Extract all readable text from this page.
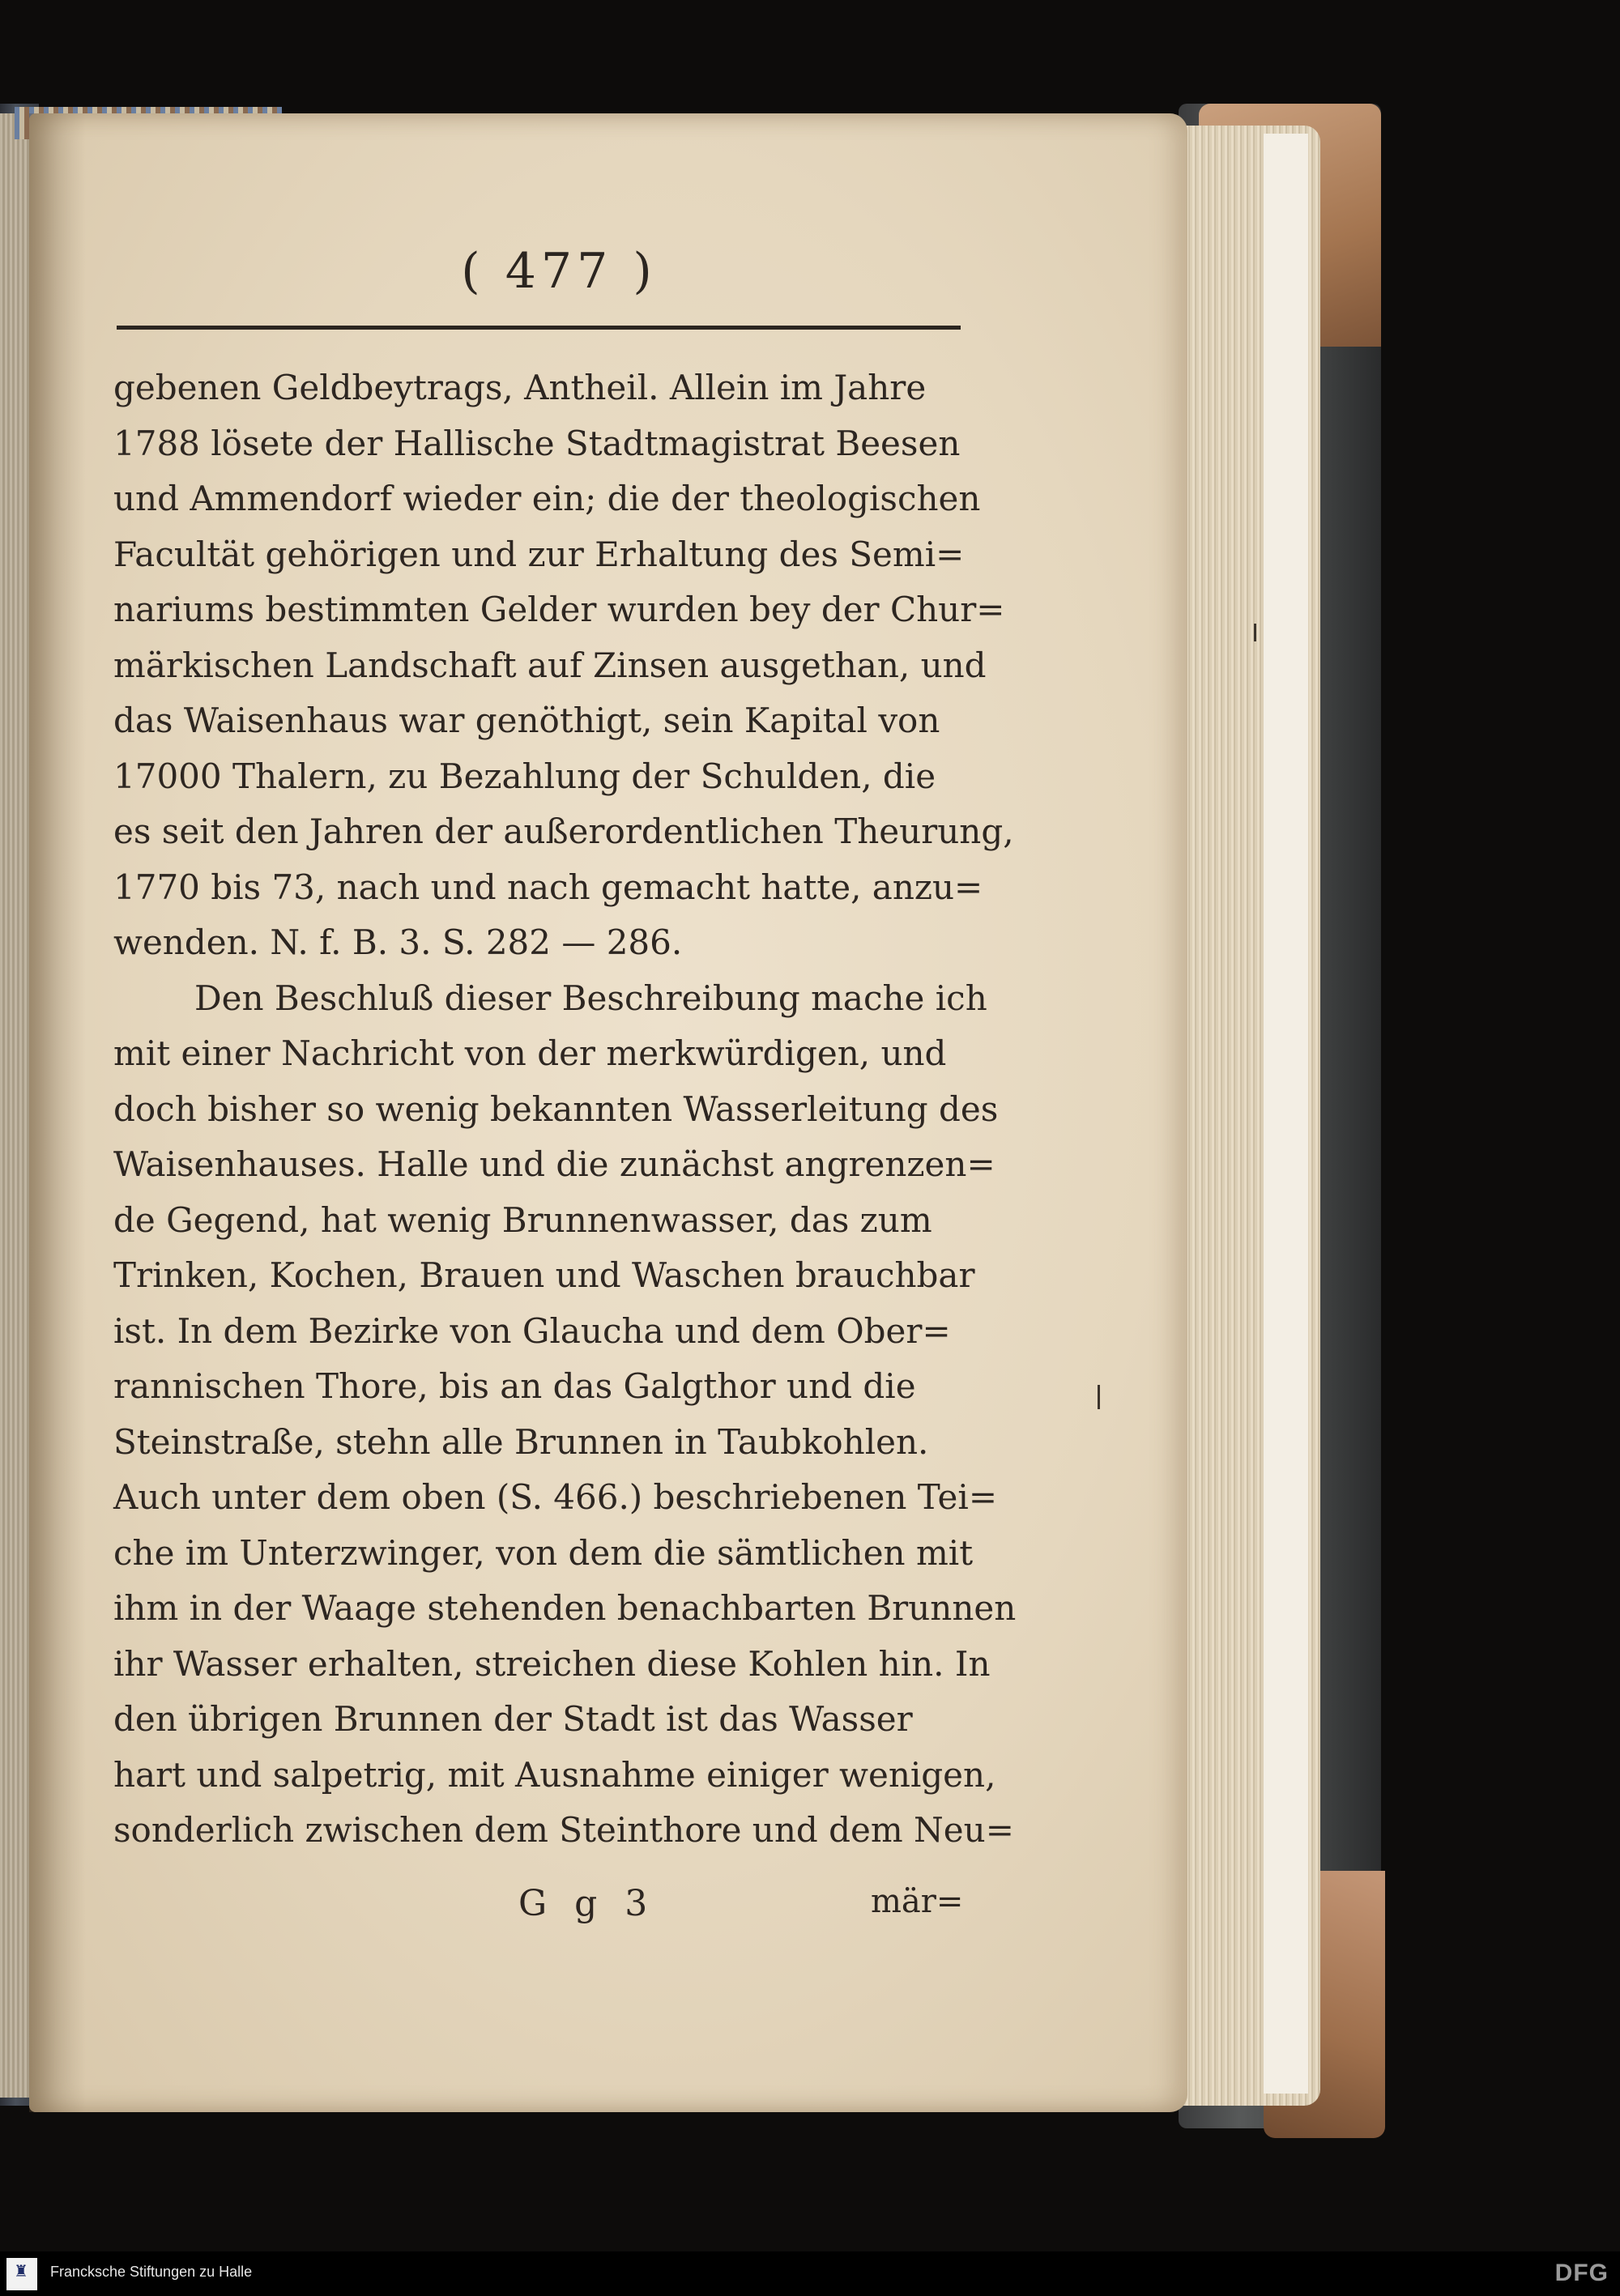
( 477 )
gebenen Geldbeytrags, Antheil. Allein im Jahre
1788 lösete der Hallische Stadtmagistrat Beesen
und Ammendorf wieder ein; die der theologischen
Facultät gehörigen und zur Erhaltung des Semi=
nariums bestimmten Gelder wurden bey der Chur=
märkischen Landschaft auf Zinsen ausgethan, und
das Waisenhaus war genöthigt, sein Kapital von
17000 Thalern, zu Bezahlung der Schulden, die
es seit den Jahren der außerordentlichen Theurung,
1770 bis 73, nach und nach gemacht hatte, anzu=
wenden. N. f. B. 3. S. 282 — 286.
Den Beschluß dieser Beschreibung mache ich
mit einer Nachricht von der merkwürdigen, und
doch bisher so wenig bekannten Wasserleitung des
Waisenhauses. Halle und die zunächst angrenzen=
de Gegend, hat wenig Brunnenwasser, das zum
Trinken, Kochen, Brauen und Waschen brauchbar
ist. In dem Bezirke von Glaucha und dem Ober=
rannischen Thore, bis an das Galgthor und die
Steinstraße, stehn alle Brunnen in Taubkohlen.
Auch unter dem oben (S. 466.) beschriebenen Tei=
che im Unterzwinger, von dem die sämtlichen mit
ihm in der Waage stehenden benachbarten Brunnen
ihr Wasser erhalten, streichen diese Kohlen hin. In
den übrigen Brunnen der Stadt ist das Wasser
hart und salpetrig, mit Ausnahme einiger wenigen,
sonderlich zwischen dem Steinthore und dem Neu=
G g 3	mär=
♜ Francksche Stiftungen zu Halle	DFG
